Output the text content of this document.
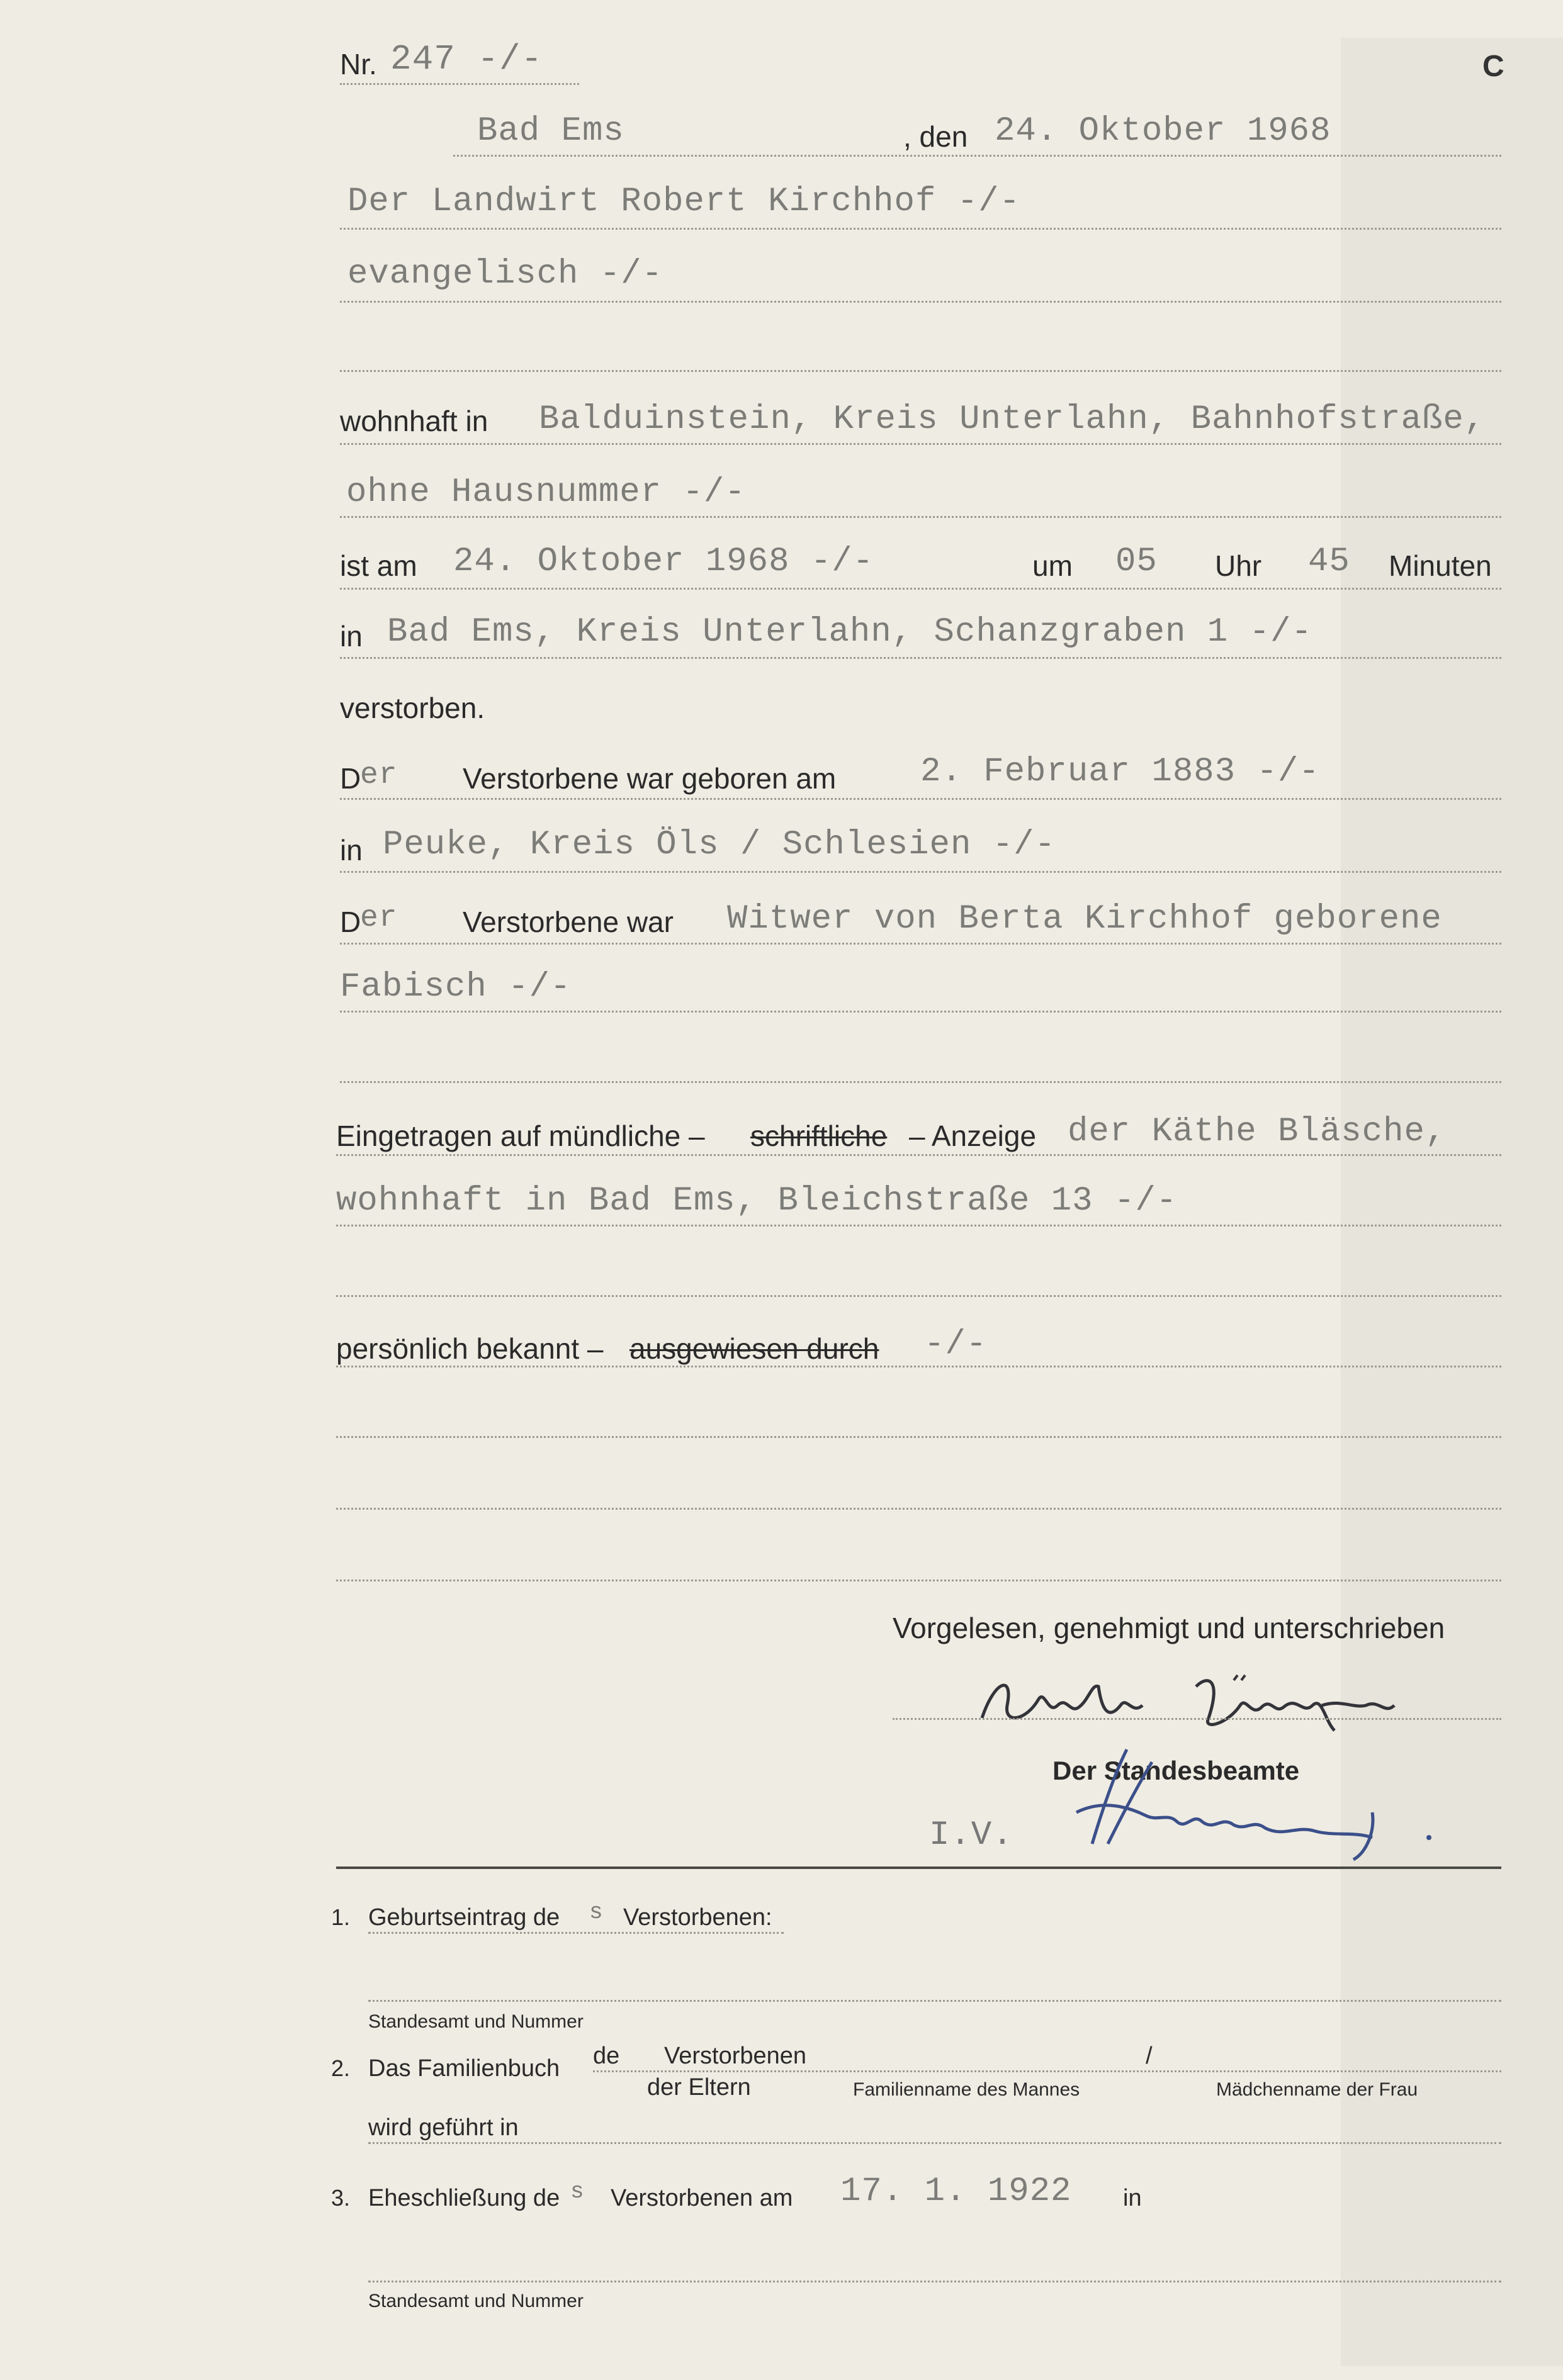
Nr. 247 -/-	C
Bad Ems	, den 24. Oktober 1968
Der Landwirt Robert Kirchhof -/-
evangelisch -/-
wohnhaft in Balduinstein, Kreis Unterlahn, Bahnhofstraße,
ohne Hausnummer -/-
ist am 24. Oktober 1968 -/-	um 05 Uhr 45 Minuten
in Bad Ems, Kreis Unterlahn, Schanzgraben 1 -/-
verstorben.
D
er Verstorbene war geboren am 2. Februar 1883 -/-
in Peuke, Kreis Öls / Schlesien -/-
D
er Verstorbene war Witwer von Berta Kirchhof geborene
Fabisch -/-
Eingetragen auf mündliche – schriftliche – Anzeige der Käthe Bläsche,
wohnhaft in Bad Ems, Bleichstraße 13 -/-
persönlich bekannt – ausgewiesen durch -/-
Vorgelesen, genehmigt und unterschrieben
Der Standesbeamte
I.V.
1. Geburtseintrag de s Verstorbenen:
Standesamt und Nummer
2. Das Familienbuch de Verstorbenen	/
der Eltern	Familienname des Mannes	Mädchenname der Frau
wird geführt in
3. Eheschließung de s Verstorbenen am 17. 1. 1922 in
Standesamt und Nummer
